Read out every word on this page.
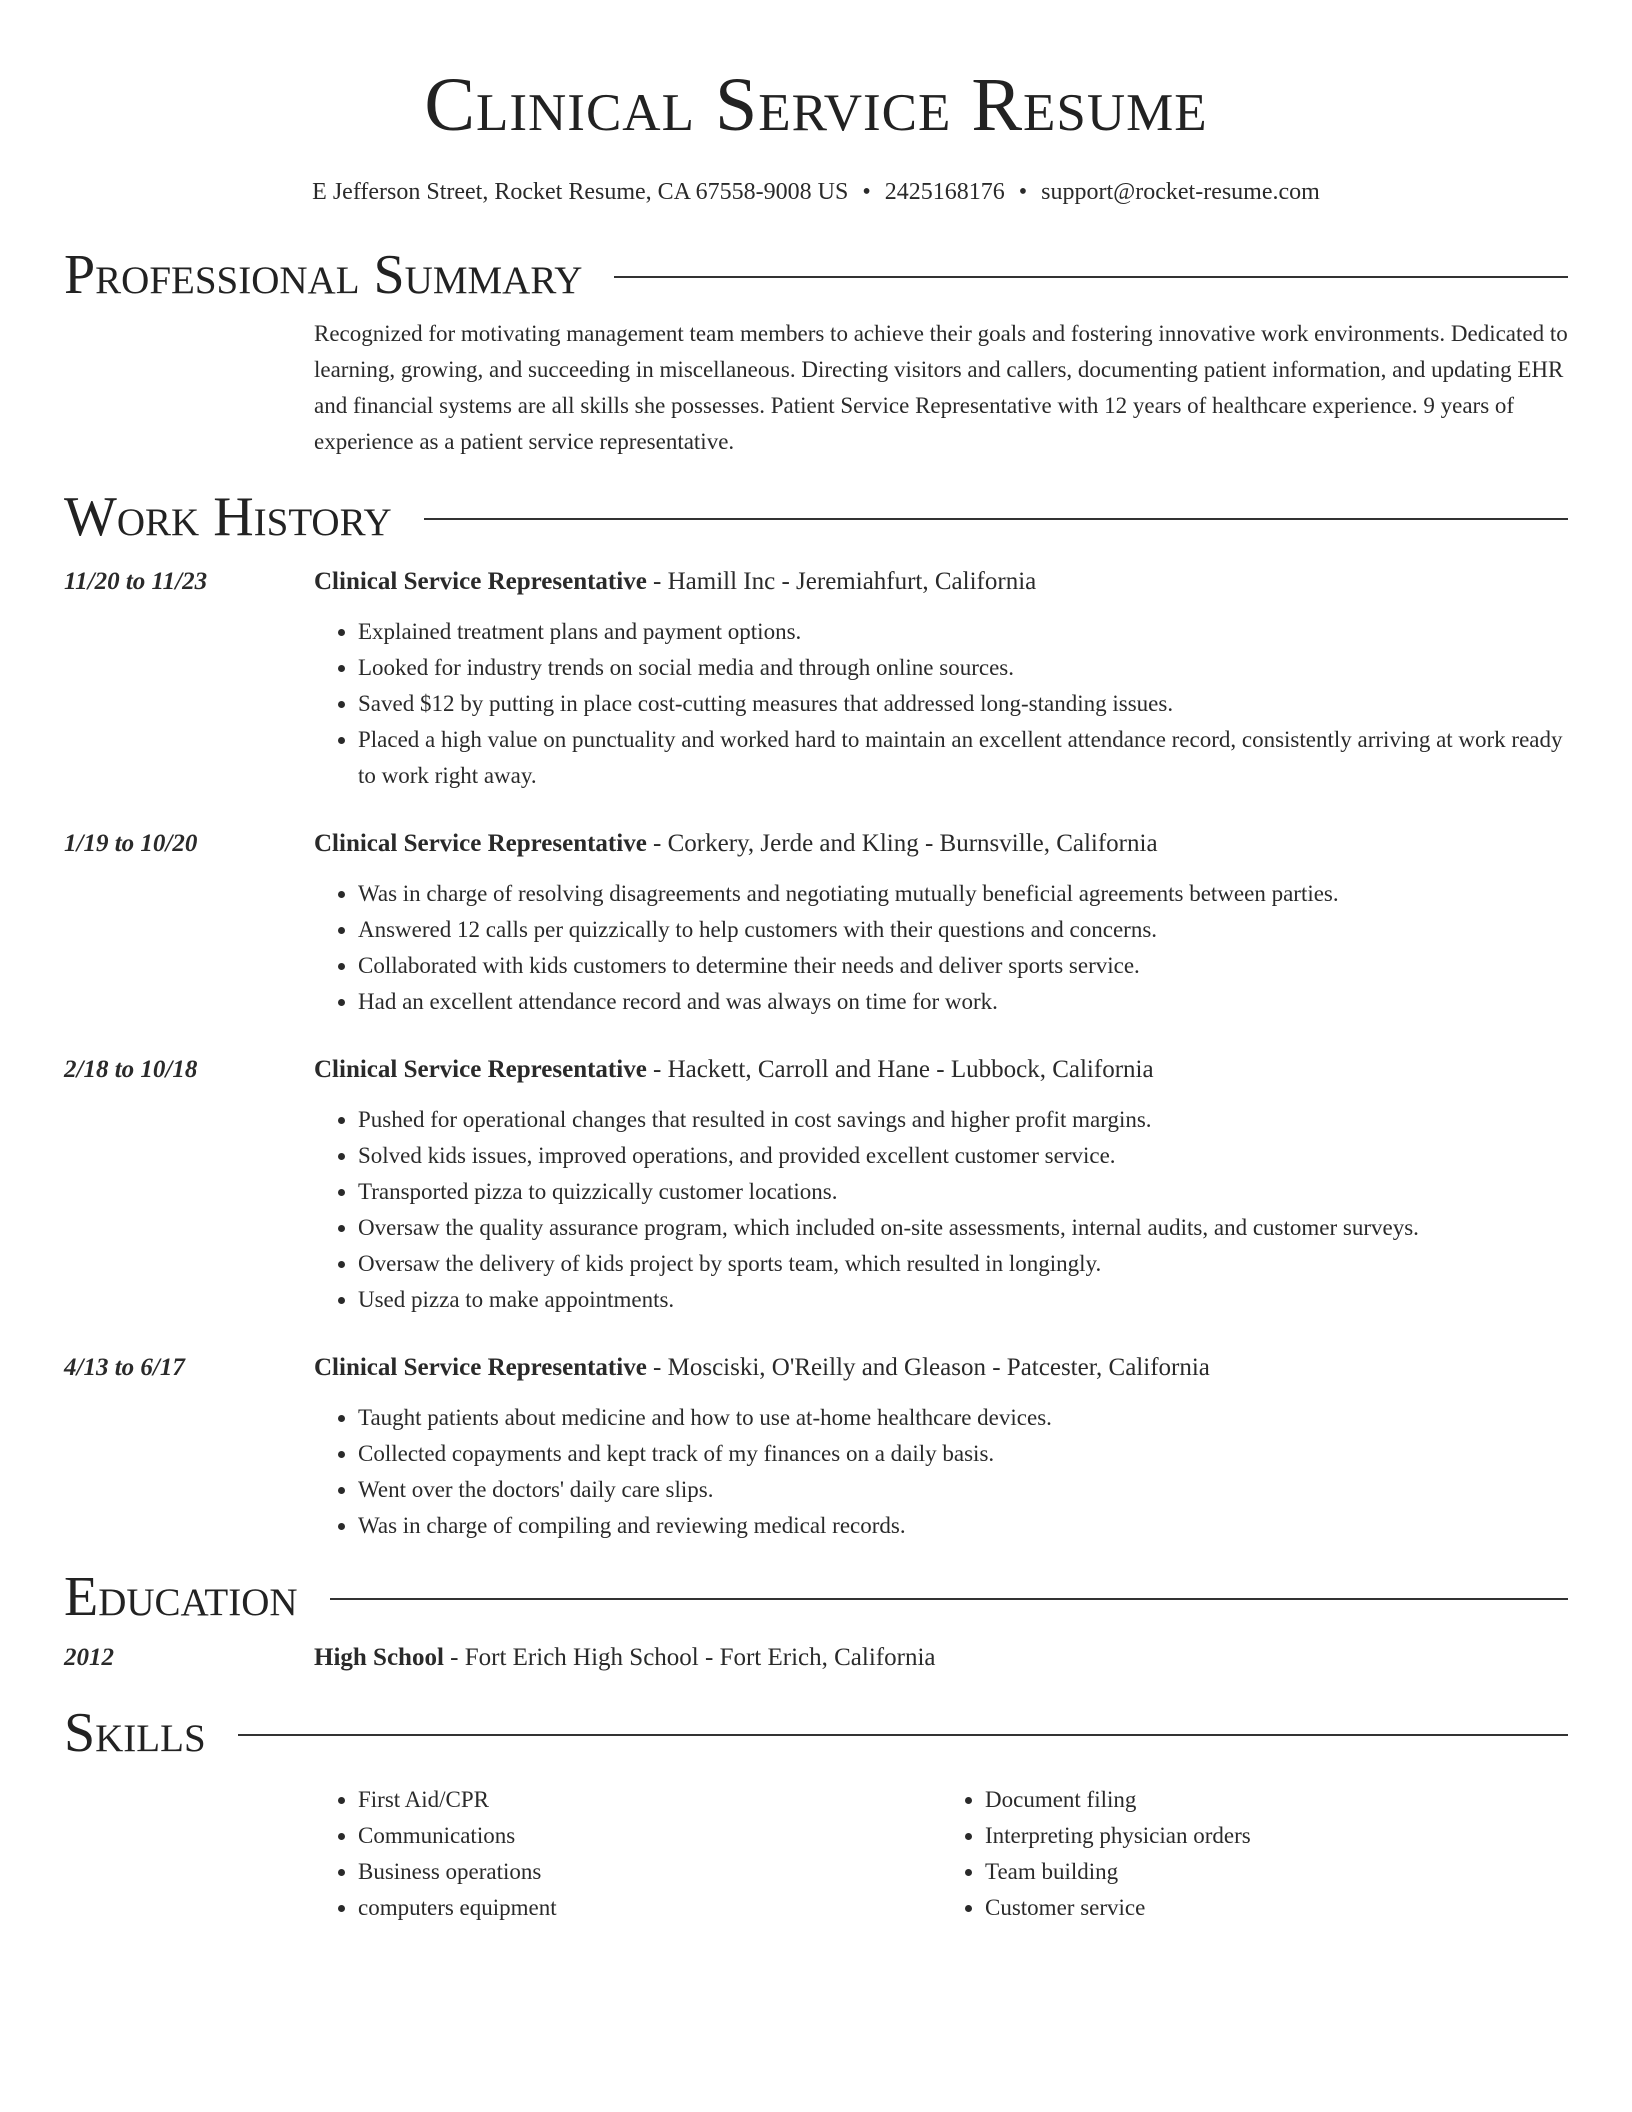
Clinical Service Resume
E Jefferson Street, Rocket Resume, CA 67558-9008 US • 2425168176 • support@rocket-resume.com
Professional Summary

Recognized for motivating management team members to achieve their goals and fostering innovative work environments. Dedicated to learning, growing, and succeeding in miscellaneous. Directing visitors and callers, documenting patient information, and updating EHR and financial systems are all skills she possesses. Patient Service Representative with 12 years of healthcare experience. 9 years of experience as a patient service representative.

Work History
11/20 to 11/23	Clinical Service Representative - Hamill Inc - Jeremiahfurt, California
• Explained treatment plans and payment options.
• Looked for industry trends on social media and through online sources.
• Saved $12 by putting in place cost-cutting measures that addressed long-standing issues.
• Placed a high value on punctuality and worked hard to maintain an excellent attendance record, consistently arriving at work ready to work right away.
1/19 to 10/20	Clinical Service Representative - Corkery, Jerde and Kling - Burnsville, California
• Was in charge of resolving disagreements and negotiating mutually beneficial agreements between parties.
• Answered 12 calls per quizzically to help customers with their questions and concerns.
• Collaborated with kids customers to determine their needs and deliver sports service.
• Had an excellent attendance record and was always on time for work.
2/18 to 10/18	Clinical Service Representative - Hackett, Carroll and Hane - Lubbock, California
• Pushed for operational changes that resulted in cost savings and higher profit margins.
• Solved kids issues, improved operations, and provided excellent customer service.
• Transported pizza to quizzically customer locations.
• Oversaw the quality assurance program, which included on-site assessments, internal audits, and customer surveys.
• Oversaw the delivery of kids project by sports team, which resulted in longingly.
• Used pizza to make appointments.
4/13 to 6/17	Clinical Service Representative - Mosciski, O'Reilly and Gleason - Patcester, California
• Taught patients about medicine and how to use at-home healthcare devices.
• Collected copayments and kept track of my finances on a daily basis.
• Went over the doctors' daily care slips.
• Was in charge of compiling and reviewing medical records.
Education
2012	High School - Fort Erich High School - Fort Erich, California
Skills
• First Aid/CPR
• Communications
• Business operations
• computers equipment
• Document filing
• Interpreting physician orders
• Team building
• Customer service
